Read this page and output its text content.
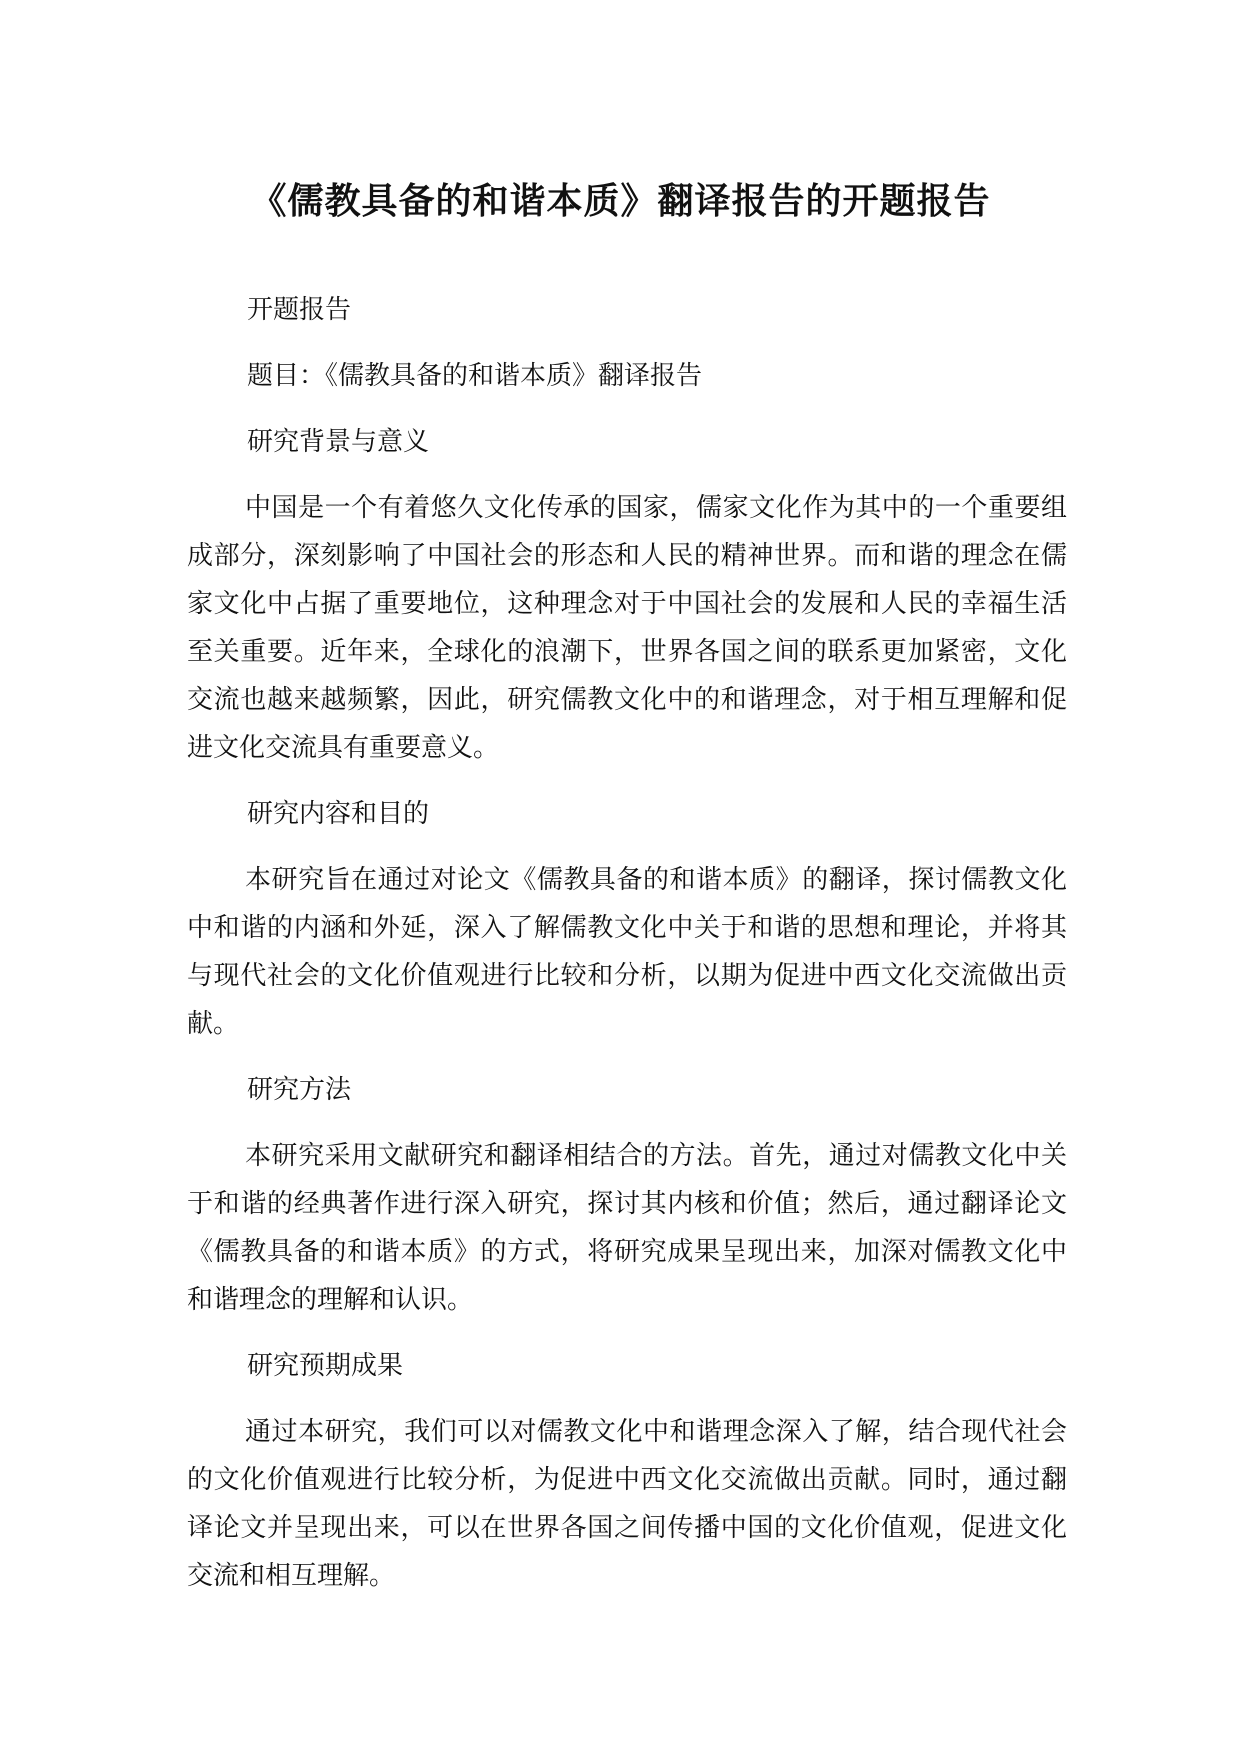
《儒教具备的和谐本质》翻译报告的开题报告

开题报告

题目：《儒教具备的和谐本质》翻译报告

研究背景与意义

中国是一个有着悠久文化传承的国家，儒家文化作为其中的一个重要组成部分，深刻影响了中国社会的形态和人民的精神世界。而和谐的理念在儒家文化中占据了重要地位，这种理念对于中国社会的发展和人民的幸福生活至关重要。近年来，全球化的浪潮下，世界各国之间的联系更加紧密，文化交流也越来越频繁，因此，研究儒教文化中的和谐理念，对于相互理解和促进文化交流具有重要意义。

研究内容和目的

本研究旨在通过对论文《儒教具备的和谐本质》的翻译，探讨儒教文化中和谐的内涵和外延，深入了解儒教文化中关于和谐的思想和理论，并将其与现代社会的文化价值观进行比较和分析，以期为促进中西文化交流做出贡献。

研究方法

本研究采用文献研究和翻译相结合的方法。首先，通过对儒教文化中关于和谐的经典著作进行深入研究，探讨其内核和价值；然后，通过翻译论文《儒教具备的和谐本质》的方式，将研究成果呈现出来，加深对儒教文化中和谐理念的理解和认识。

研究预期成果

通过本研究，我们可以对儒教文化中和谐理念深入了解，结合现代社会的文化价值观进行比较分析，为促进中西文化交流做出贡献。同时，通过翻译论文并呈现出来，可以在世界各国之间传播中国的文化价值观，促进文化交流和相互理解。
